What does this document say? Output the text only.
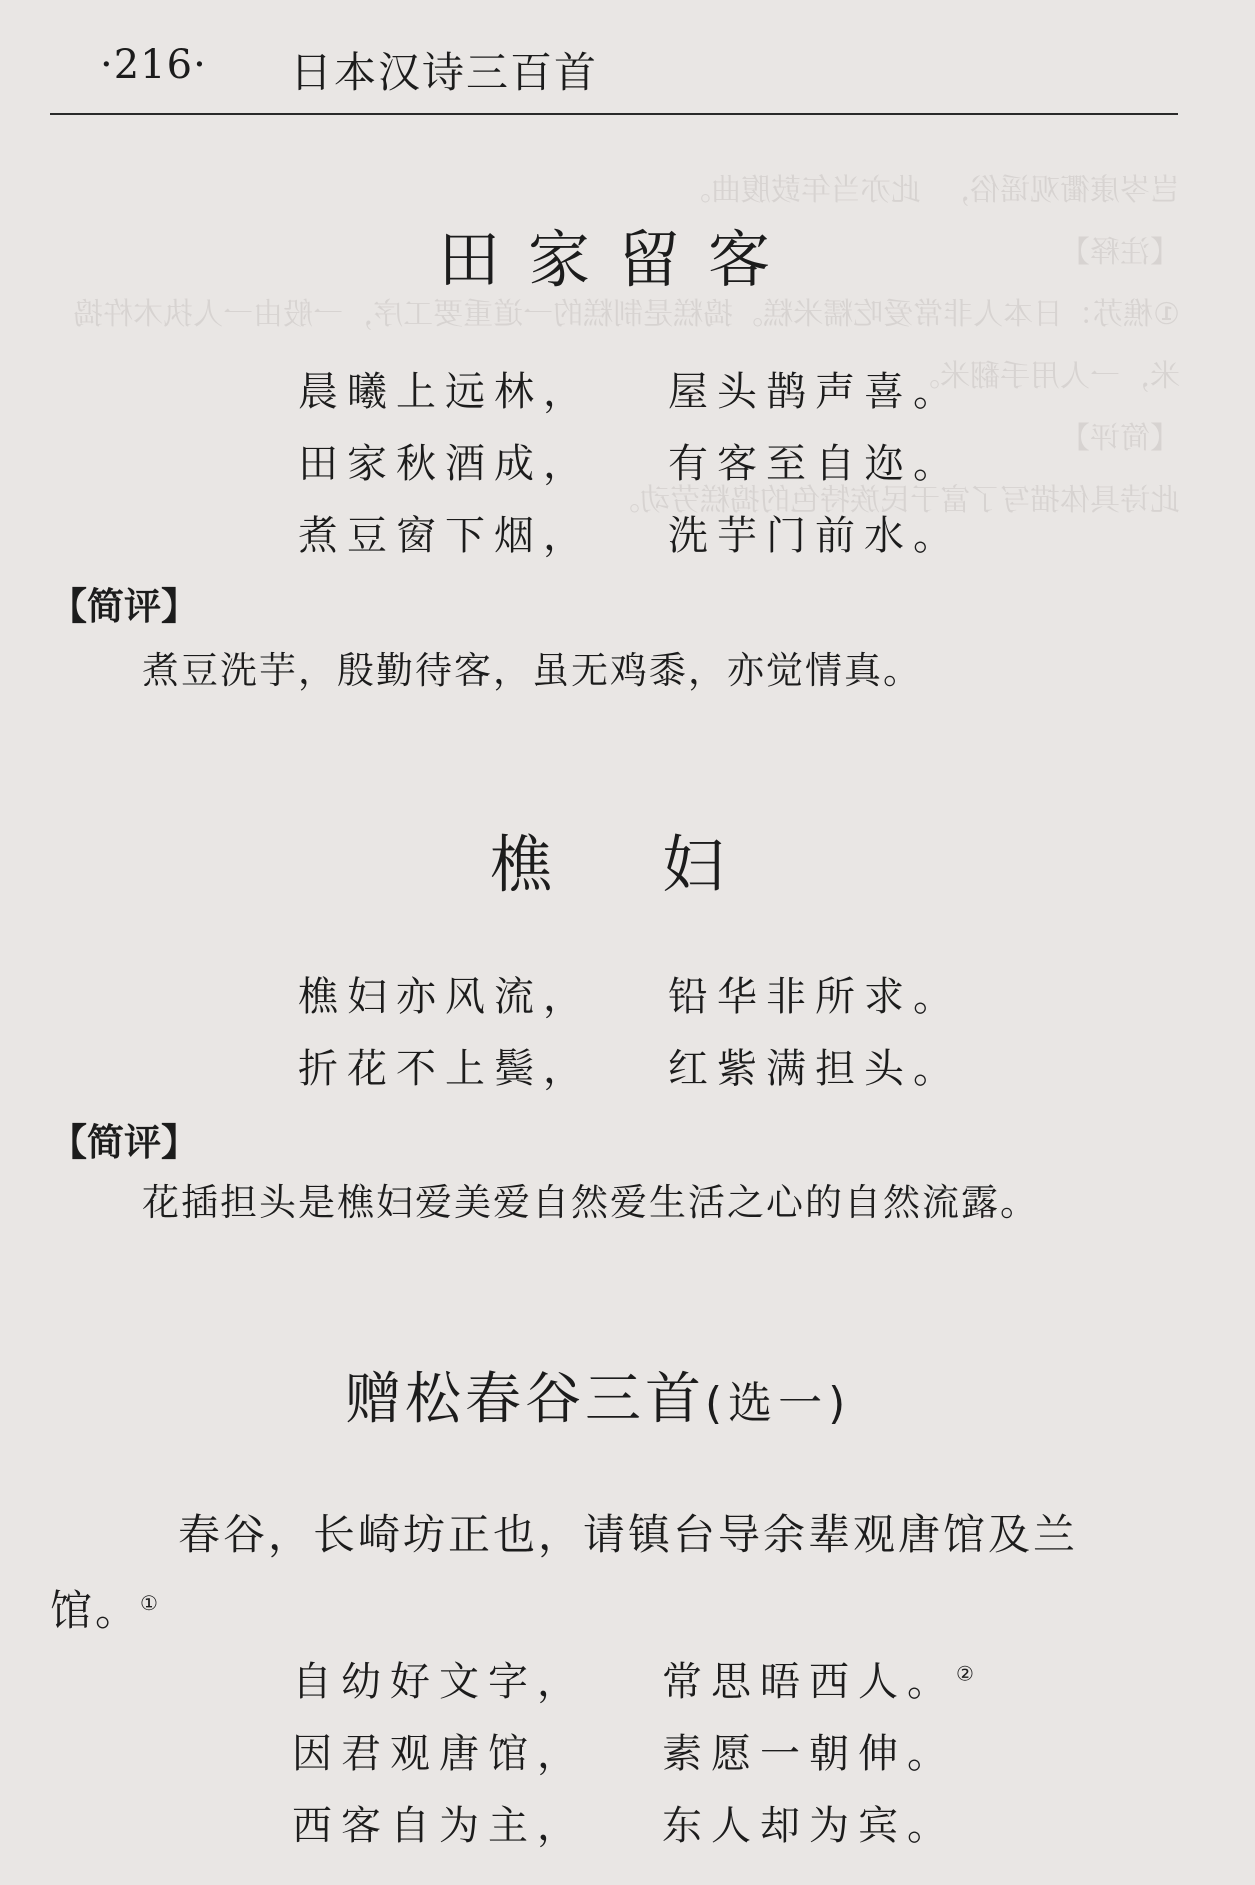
岂岑康衢观谣俗，  此亦当年鼓腹曲。
【注释】
①樵苏：日本人非常爱吃糯米糕。捣糕是制糕的一道重要工序，一般由一人执木杵捣米，一人用手翻米。
【简评】
此诗具体描写了富于民族特色的捣糕劳动。
·216· 日本汉诗三百首
田家留客
晨曦上远林， 屋头鹊声喜。
田家秋酒成， 有客至自迩。
煮豆窗下烟， 洗芋门前水。
【简评】
煮豆洗芋，殷勤待客，虽无鸡黍，亦觉情真。
樵妇
樵妇亦风流， 铅华非所求。
折花不上鬓， 红紫满担头。
【简评】
花插担头是樵妇爱美爱自然爱生活之心的自然流露。
赠松春谷三首(选一)
春谷，长崎坊正也，请镇台导余辈观唐馆及兰
馆。①
自幼好文字， 常思晤西人。②
因君观唐馆， 素愿一朝伸。
西客自为主， 东人却为宾。
